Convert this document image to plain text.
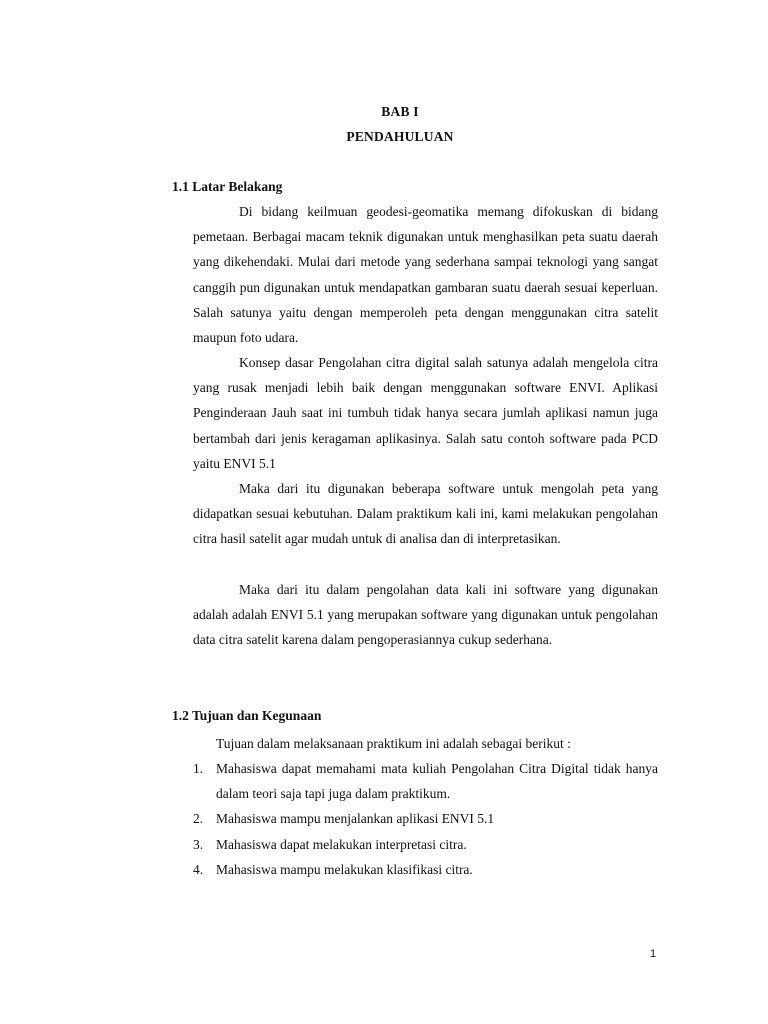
BAB I
PENDAHULUAN
1.1 Latar Belakang

Di bidang keilmuan geodesi-geomatika memang difokuskan di bidang pemetaan. Berbagai macam teknik digunakan untuk menghasilkan peta suatu daerah yang dikehendaki. Mulai dari metode yang sederhana sampai teknologi yang sangat canggih pun digunakan untuk mendapatkan gambaran suatu daerah sesuai keperluan. Salah satunya yaitu dengan memperoleh peta dengan menggunakan citra satelit maupun foto udara.

Konsep dasar Pengolahan citra digital salah satunya adalah mengelola citra yang rusak menjadi lebih baik dengan menggunakan software ENVI. Aplikasi Penginderaan Jauh saat ini tumbuh tidak hanya secara jumlah aplikasi namun juga bertambah dari jenis keragaman aplikasinya. Salah satu contoh software pada PCD yaitu ENVI 5.1

Maka dari itu digunakan beberapa software untuk mengolah peta yang didapatkan sesuai kebutuhan. Dalam praktikum kali ini, kami melakukan pengolahan citra hasil satelit agar mudah untuk di analisa dan di interpretasikan.

Maka dari itu dalam pengolahan data kali ini software yang digunakan adalah adalah ENVI 5.1 yang merupakan software yang digunakan untuk pengolahan data citra satelit karena dalam pengoperasiannya cukup sederhana.

1.2 Tujuan dan Kegunaan
Tujuan dalam melaksanaan praktikum ini adalah sebagai berikut :
1. Mahasiswa dapat memahami mata kuliah Pengolahan Citra Digital tidak hanya dalam teori saja tapi juga dalam praktikum.
2. Mahasiswa mampu menjalankan aplikasi ENVI 5.1
3. Mahasiswa dapat melakukan interpretasi citra.
4. Mahasiswa mampu melakukan klasifikasi citra.
1
